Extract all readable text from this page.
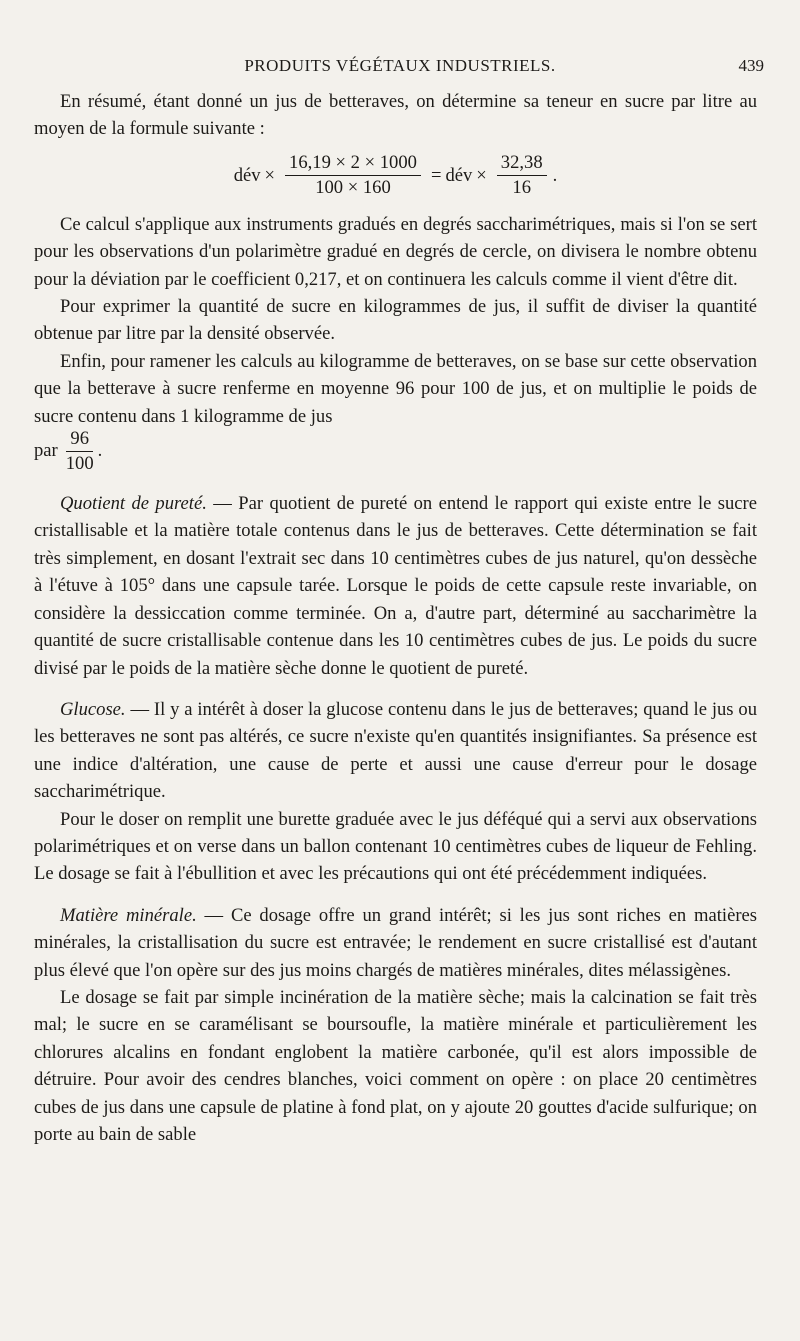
PRODUITS VÉGÉTAUX INDUSTRIELS.	439

En résumé, étant donné un jus de betteraves, on détermine sa teneur en sucre par litre au moyen de la formule suivante :

dév × $\frac{16,19 \times 2 \times 1000}{100 \times 160}$ = dév × $\frac{32,38}{16}$ .

Ce calcul s'applique aux instruments gradués en degrés saccharimétriques, mais si l'on se sert pour les observations d'un polarimètre gradué en degrés de cercle, on divisera le nombre obtenu pour la déviation par le coefficient 0,217, et on continuera les calculs comme il vient d'être dit.

Pour exprimer la quantité de sucre en kilogrammes de jus, il suffit de diviser la quantité obtenue par litre par la densité observée.

Enfin, pour ramener les calculs au kilogramme de betteraves, on se base sur cette observation que la betterave à sucre renferme en moyenne 96 pour 100 de jus, et on multiplie le poids de sucre contenu dans 1 kilogramme de jus

par $\frac{96}{100}$ .

Quotient de pureté. — Par quotient de pureté on entend le rapport qui existe entre le sucre cristallisable et la matière totale contenus dans le jus de betteraves. Cette détermination se fait très simplement, en dosant l'extrait sec dans 10 centimètres cubes de jus naturel, qu'on dessèche à l'étuve à 105° dans une capsule tarée. Lorsque le poids de cette capsule reste invariable, on considère la dessiccation comme terminée. On a, d'autre part, déterminé au saccharimètre la quantité de sucre cristallisable contenue dans les 10 centimètres cubes de jus. Le poids du sucre divisé par le poids de la matière sèche donne le quotient de pureté.

Glucose. — Il y a intérêt à doser la glucose contenu dans le jus de betteraves; quand le jus ou les betteraves ne sont pas altérés, ce sucre n'existe qu'en quantités insignifiantes. Sa présence est une indice d'altération, une cause de perte et aussi une cause d'erreur pour le dosage saccharimétrique.

Pour le doser on remplit une burette graduée avec le jus déféqué qui a servi aux observations polarimétriques et on verse dans un ballon contenant 10 centimètres cubes de liqueur de Fehling. Le dosage se fait à l'ébullition et avec les précautions qui ont été précédemment indiquées.

Matière minérale. — Ce dosage offre un grand intérêt; si les jus sont riches en matières minérales, la cristallisation du sucre est entravée; le rendement en sucre cristallisé est d'autant plus élevé que l'on opère sur des jus moins chargés de matières minérales, dites mélassigènes.

Le dosage se fait par simple incinération de la matière sèche; mais la calcination se fait très mal; le sucre en se caramélisant se boursoufle, la matière minérale et particulièrement les chlorures alcalins en fondant englobent la matière carbonée, qu'il est alors impossible de détruire. Pour avoir des cendres blanches, voici comment on opère : on place 20 centimètres cubes de jus dans une capsule de platine à fond plat, on y ajoute 20 gouttes d'acide sulfurique; on porte au bain de sable
